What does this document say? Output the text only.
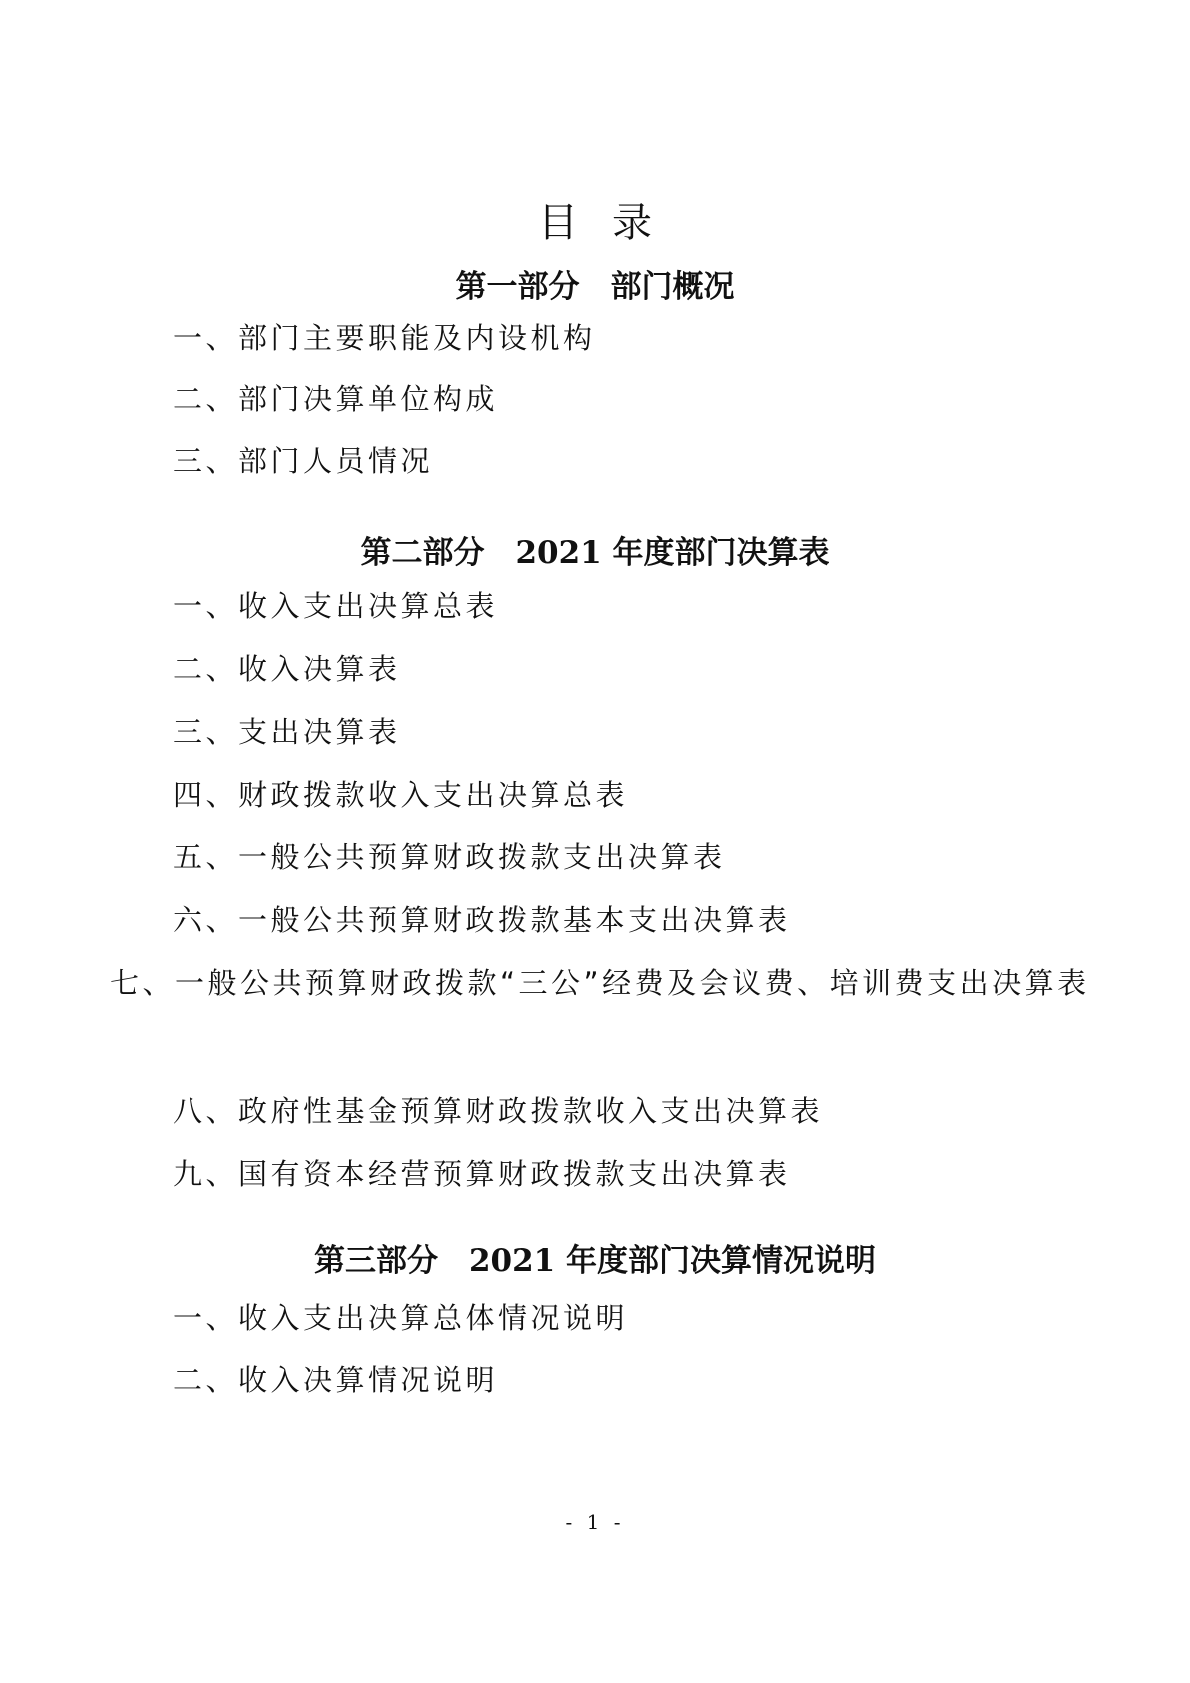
目录
第一部分　部门概况
一、部门主要职能及内设机构
二、部门决算单位构成
三、部门人员情况
第二部分　2021 年度部门决算表
一、收入支出决算总表
二、收入决算表
三、支出决算表
四、财政拨款收入支出决算总表
五、一般公共预算财政拨款支出决算表
六、一般公共预算财政拨款基本支出决算表
七、一般公共预算财政拨款“三公”经费及会议费、培训费支出决算表
八、政府性基金预算财政拨款收入支出决算表
九、国有资本经营预算财政拨款支出决算表
第三部分　2021 年度部门决算情况说明
一、收入支出决算总体情况说明
二、收入决算情况说明
- 1 -
